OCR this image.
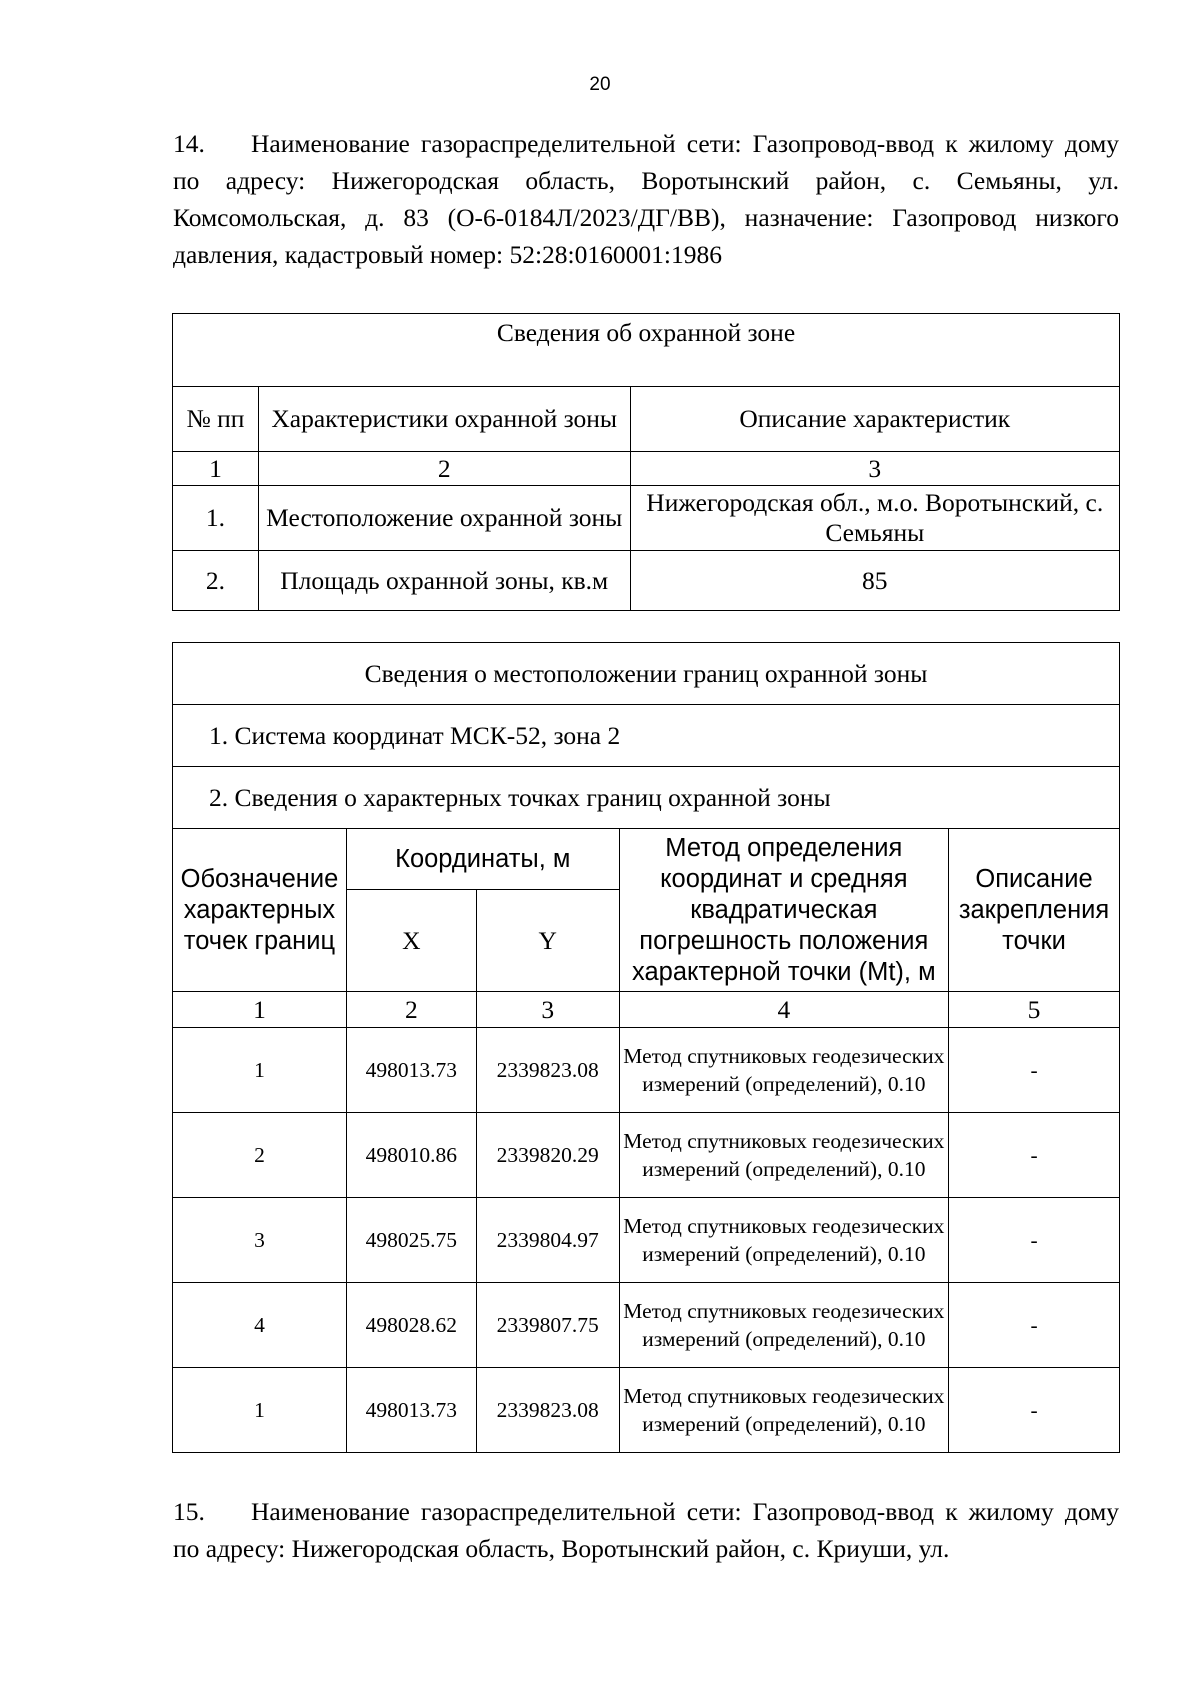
20
14. Наименование газораспределительной сети: Газопровод-ввод к жилому дому по адресу: Нижегородская область, Воротынский район, с. Семьяны, ул. Комсомольская, д. 83 (О-6-0184Л/2023/ДГ/ВВ), назначение: Газопровод низкого давления, кадастровый номер: 52:28:0160001:1986
Сведения об охранной зоне		
№ пп	Характеристики охранной зоны	Описание характеристик
1	2	3
1.	Местоположение охранной зоны	Нижегородская обл., м.о. Воротынский, с. Семьяны
2.	Площадь охранной зоны, кв.м	85
Сведения о местоположении границ охранной зоны				
1. Система координат МСК-52, зона 2				
2. Сведения о характерных точках границ охранной зоны				
Обозначение характерных точек границ	Координаты, м		Метод определения координат и средняя квадратическая погрешность положения характерной точки (Mt), м	Описание закрепления точки
	X	Y		
1	2	3	4	5
1	498013.73	2339823.08	Метод спутниковых геодезических измерений (определений), 0.10	-
2	498010.86	2339820.29	Метод спутниковых геодезических измерений (определений), 0.10	-
3	498025.75	2339804.97	Метод спутниковых геодезических измерений (определений), 0.10	-
4	498028.62	2339807.75	Метод спутниковых геодезических измерений (определений), 0.10	-
1	498013.73	2339823.08	Метод спутниковых геодезических измерений (определений), 0.10	-
15. Наименование газораспределительной сети: Газопровод-ввод к жилому дому по адресу: Нижегородская область, Воротынский район, с. Криуши, ул.
